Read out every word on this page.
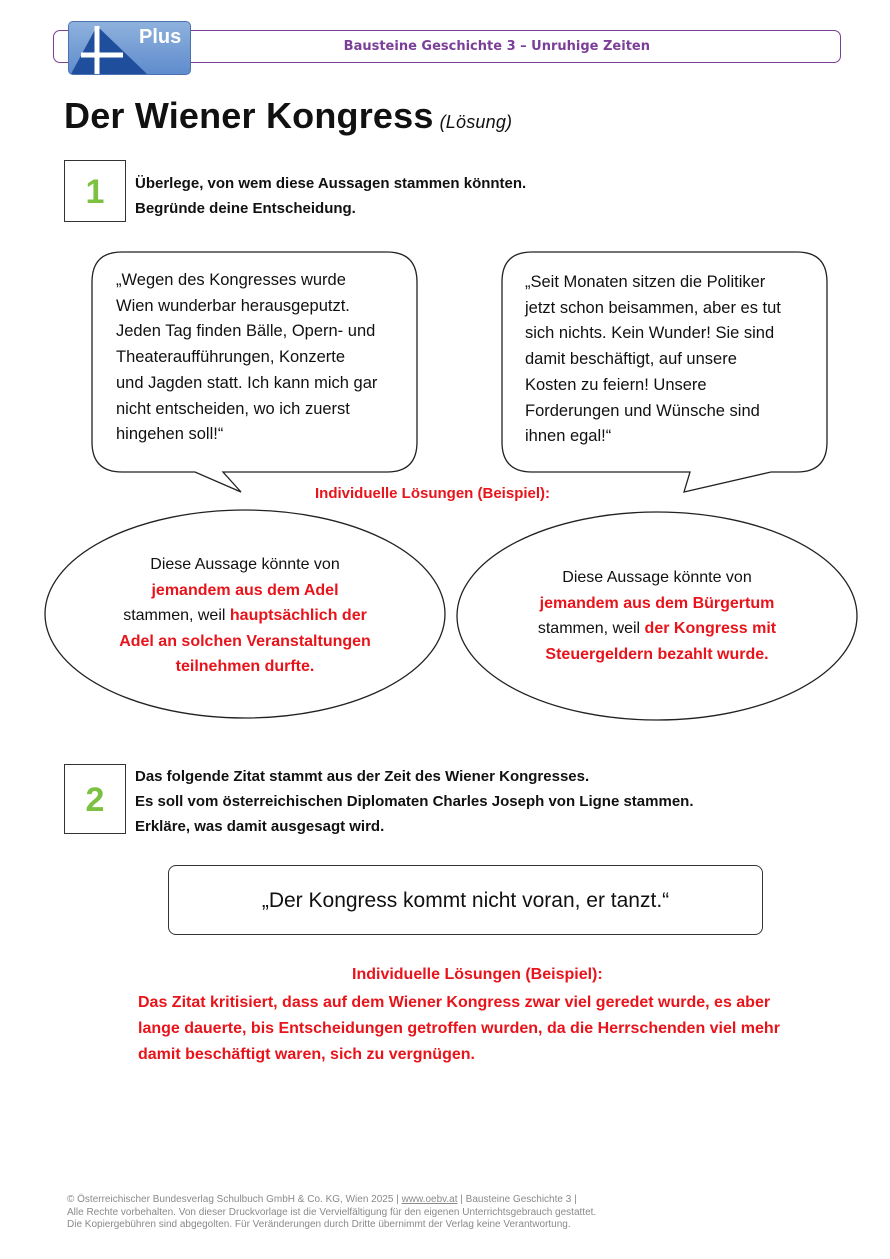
Bausteine Geschichte 3 – Unruhige Zeiten
Plus
Der Wiener Kongress (Lösung)
1	Überlege, von wem diese Aussagen stammen könnten.
Begründe deine Entscheidung.
„Wegen des Kongresses wurde
Wien wunderbar herausgeputzt.
Jeden Tag finden Bälle, Opern- und
Theateraufführungen, Konzerte
und Jagden statt. Ich kann mich gar
nicht entscheiden, wo ich zuerst
hingehen soll!“
„Seit Monaten sitzen die Politiker
jetzt schon beisammen, aber es tut
sich nichts. Kein Wunder! Sie sind
damit beschäftigt, auf unsere
Kosten zu feiern! Unsere
Forderungen und Wünsche sind
ihnen egal!“
Individuelle Lösungen (Beispiel):
Diese Aussage könnte von
jemandem aus dem Adel
stammen, weil hauptsächlich der
Adel an solchen Veranstaltungen
teilnehmen durfte.
Diese Aussage könnte von
jemandem aus dem Bürgertum
stammen, weil der Kongress mit
Steuergeldern bezahlt wurde.
2
Das folgende Zitat stammt aus der Zeit des Wiener Kongresses.
Es soll vom österreichischen Diplomaten Charles Joseph von Ligne stammen.
Erkläre, was damit ausgesagt wird.
„Der Kongress kommt nicht voran, er tanzt.“
Individuelle Lösungen (Beispiel):
Das Zitat kritisiert, dass auf dem Wiener Kongress zwar viel geredet wurde, es aber
lange dauerte, bis Entscheidungen getroffen wurden, da die Herrschenden viel mehr
damit beschäftigt waren, sich zu vergnügen.
© Österreichischer Bundesverlag Schulbuch GmbH & Co. KG, Wien 2025 | www.oebv.at | Bausteine Geschichte 3 |
Alle Rechte vorbehalten. Von dieser Druckvorlage ist die Vervielfältigung für den eigenen Unterrichtsgebrauch gestattet.
Die Kopiergebühren sind abgegolten. Für Veränderungen durch Dritte übernimmt der Verlag keine Verantwortung.
